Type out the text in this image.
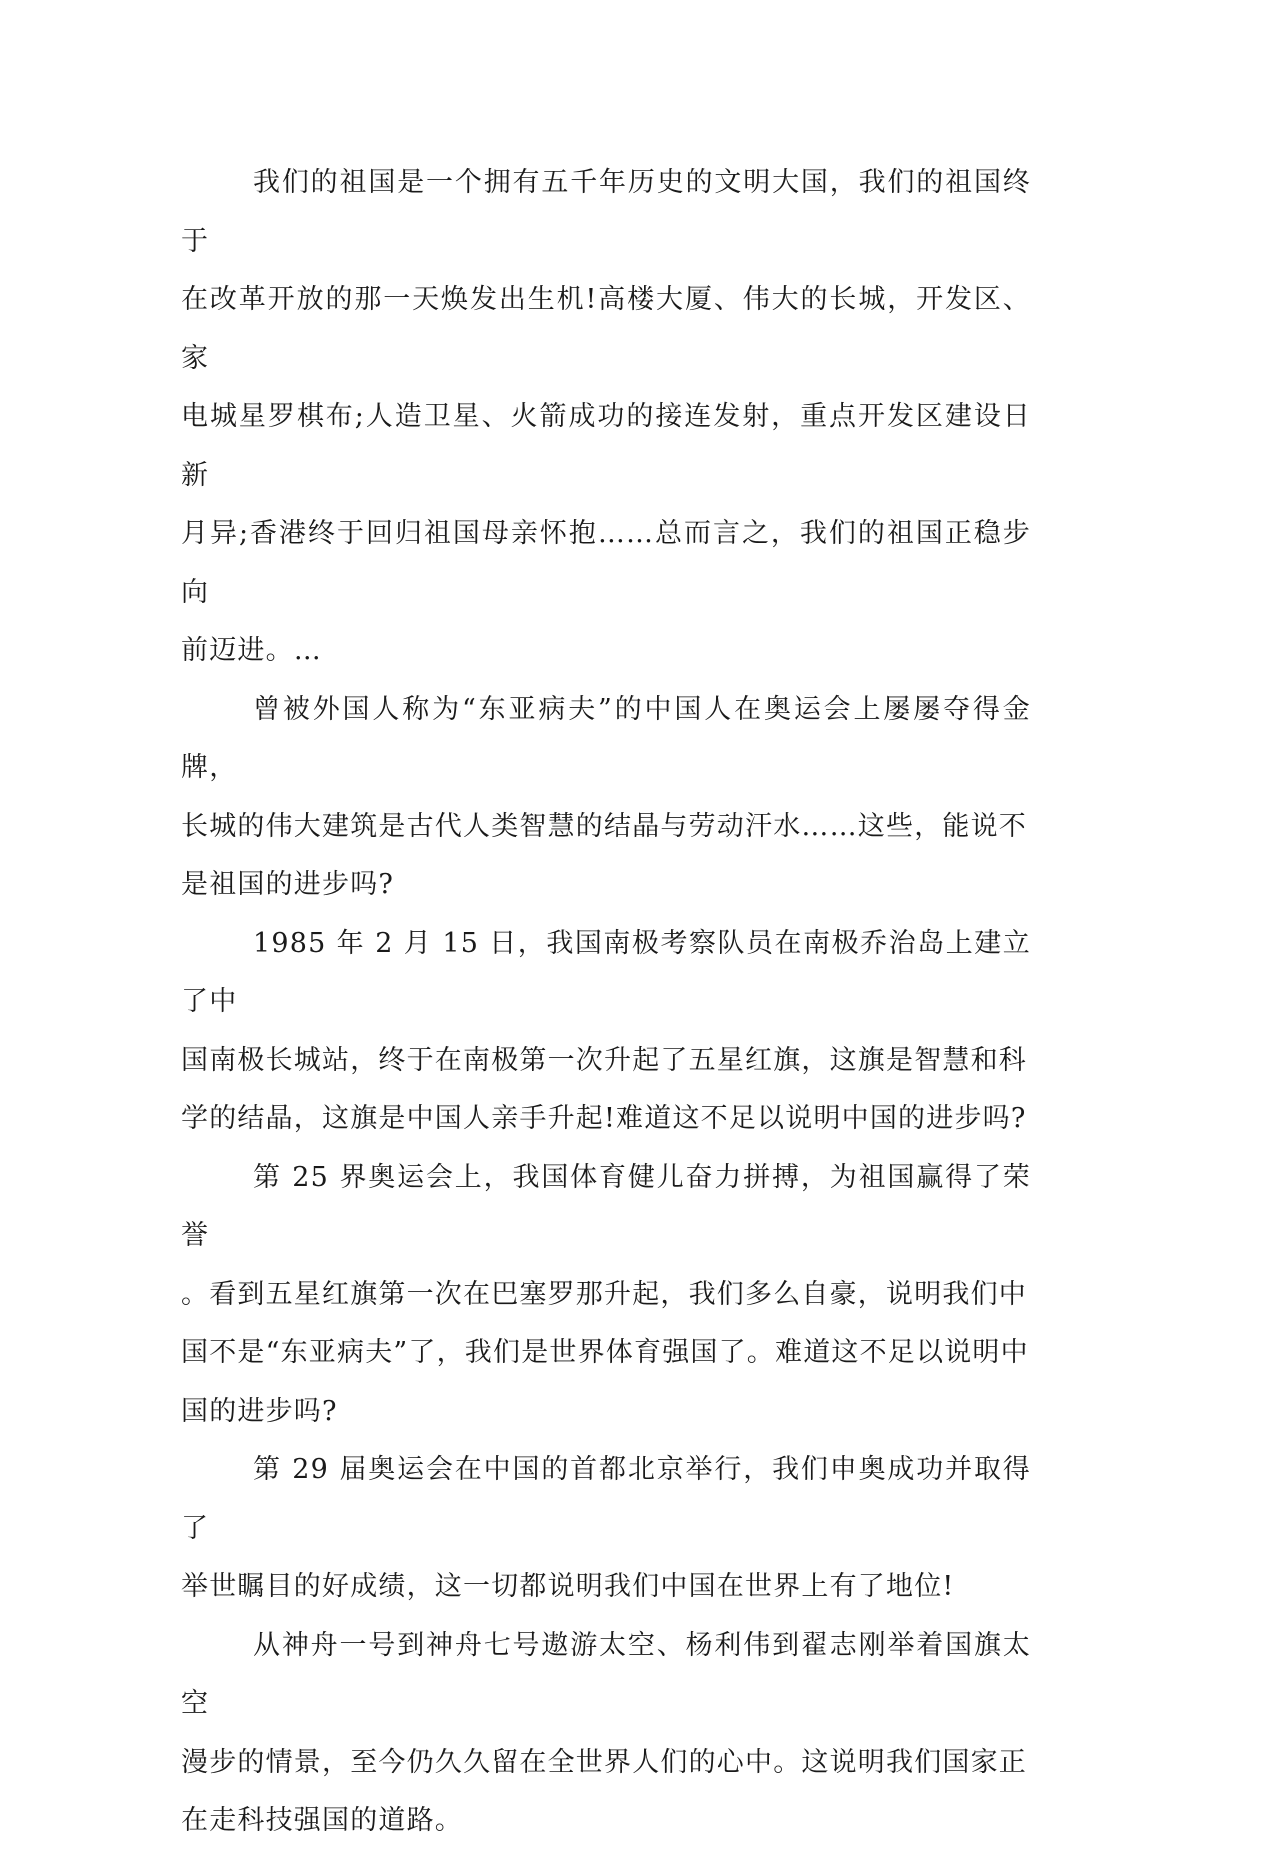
我们的祖国是一个拥有五千年历史的文明大国，我们的祖国终于
在改革开放的那一天焕发出生机!高楼大厦、伟大的长城，开发区、家
电城星罗棋布;人造卫星、火箭成功的接连发射，重点开发区建设日新
月异;香港终于回归祖国母亲怀抱……总而言之，我们的祖国正稳步向
前迈进。…

曾被外国人称为“东亚病夫”的中国人在奥运会上屡屡夺得金牌，
长城的伟大建筑是古代人类智慧的结晶与劳动汗水……这些，能说不
是祖国的进步吗?

1985 年 2 月 15 日，我国南极考察队员在南极乔治岛上建立了中
国南极长城站，终于在南极第一次升起了五星红旗，这旗是智慧和科
学的结晶，这旗是中国人亲手升起!难道这不足以说明中国的进步吗?

第 25 界奥运会上，我国体育健儿奋力拼搏，为祖国赢得了荣誉
。看到五星红旗第一次在巴塞罗那升起，我们多么自豪，说明我们中
国不是“东亚病夫”了，我们是世界体育强国了。难道这不足以说明中
国的进步吗?

第 29 届奥运会在中国的首都北京举行，我们申奥成功并取得了
举世瞩目的好成绩，这一切都说明我们中国在世界上有了地位!

从神舟一号到神舟七号遨游太空、杨利伟到翟志刚举着国旗太空
漫步的情景，至今仍久久留在全世界人们的心中。这说明我们国家正
在走科技强国的道路。
